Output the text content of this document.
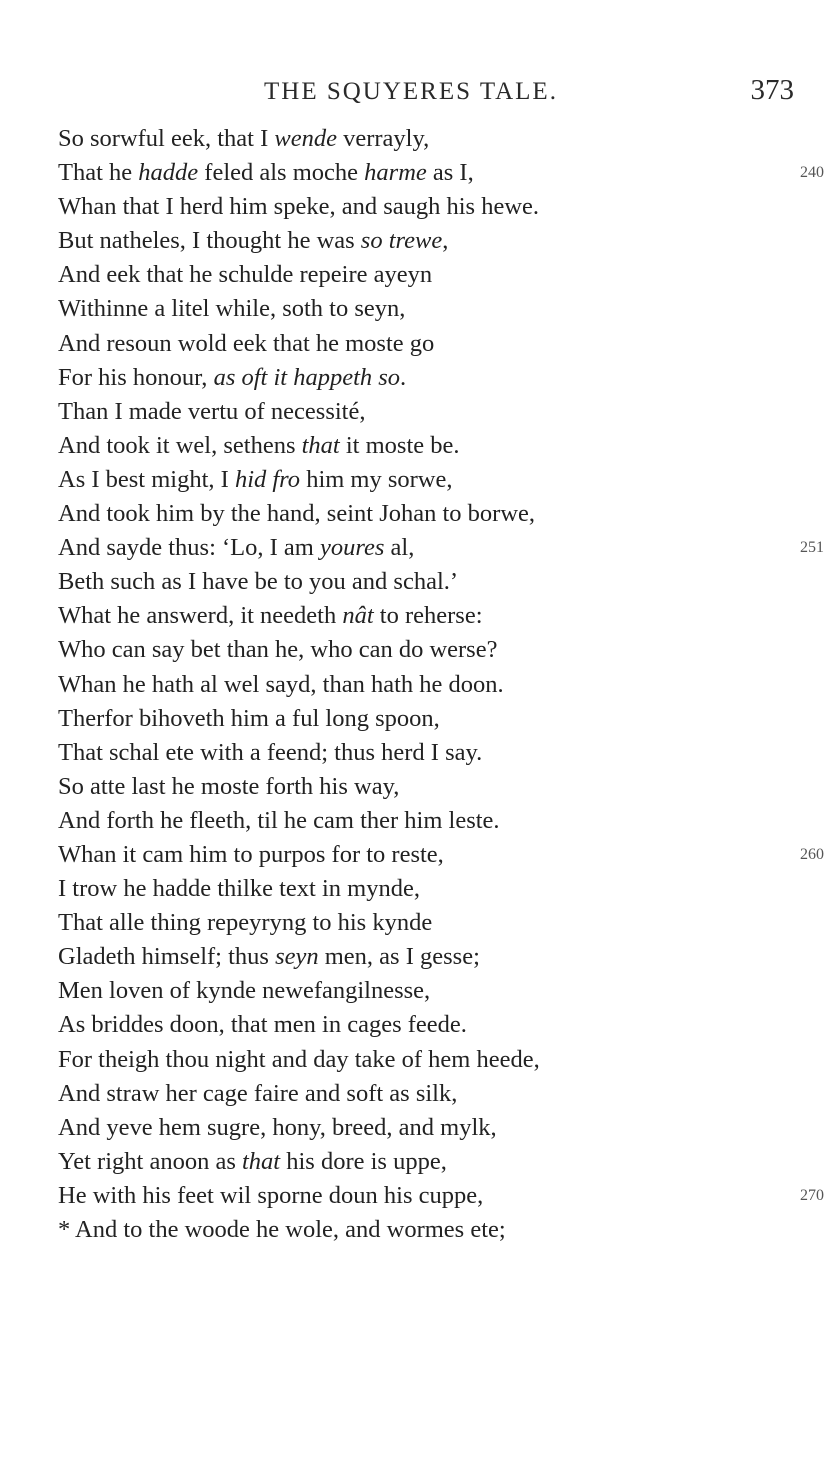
THE SQUYERES TALE.	373
So sorwful eek, that I wende verrayly,
That he hadde feled als moche harme as I,	240
Whan that I herd him speke, and saugh his hewe.
But natheles, I thought he was so trewe,
And eek that he schulde repeire ayeyn
Withinne a litel while, soth to seyn,
And resoun wold eek that he moste go
For his honour, as oft it happeth so.
Than I made vertu of necessité,
And took it wel, sethens that it moste be.
As I best might, I hid fro him my sorwe,
And took him by the hand, seint Johan to borwe,
And sayde thus: ‘Lo, I am youres al,	251
Beth such as I have be to you and schal.’
What he answerd, it needeth nât to reherse:
Who can say bet than he, who can do werse?
Whan he hath al wel sayd, than hath he doon.
Therfor bihoveth him a ful long spoon,
That schal ete with a feend; thus herd I say.
So atte last he moste forth his way,
And forth he fleeth, til he cam ther him leste.
Whan it cam him to purpos for to reste,	260
I trow he hadde thilke text in mynde,
That alle thing repeyryng to his kynde
Gladeth himself; thus seyn men, as I gesse;
Men loven of kynde newefangilnesse,
As briddes doon, that men in cages feede.
For theigh thou night and day take of hem heede,
And straw her cage faire and soft as silk,
And yeve hem sugre, hony, breed, and mylk,
Yet right anoon as that his dore is uppe,
He with his feet wil sporne doun his cuppe,	270
* And to the woode he wole, and wormes ete;
